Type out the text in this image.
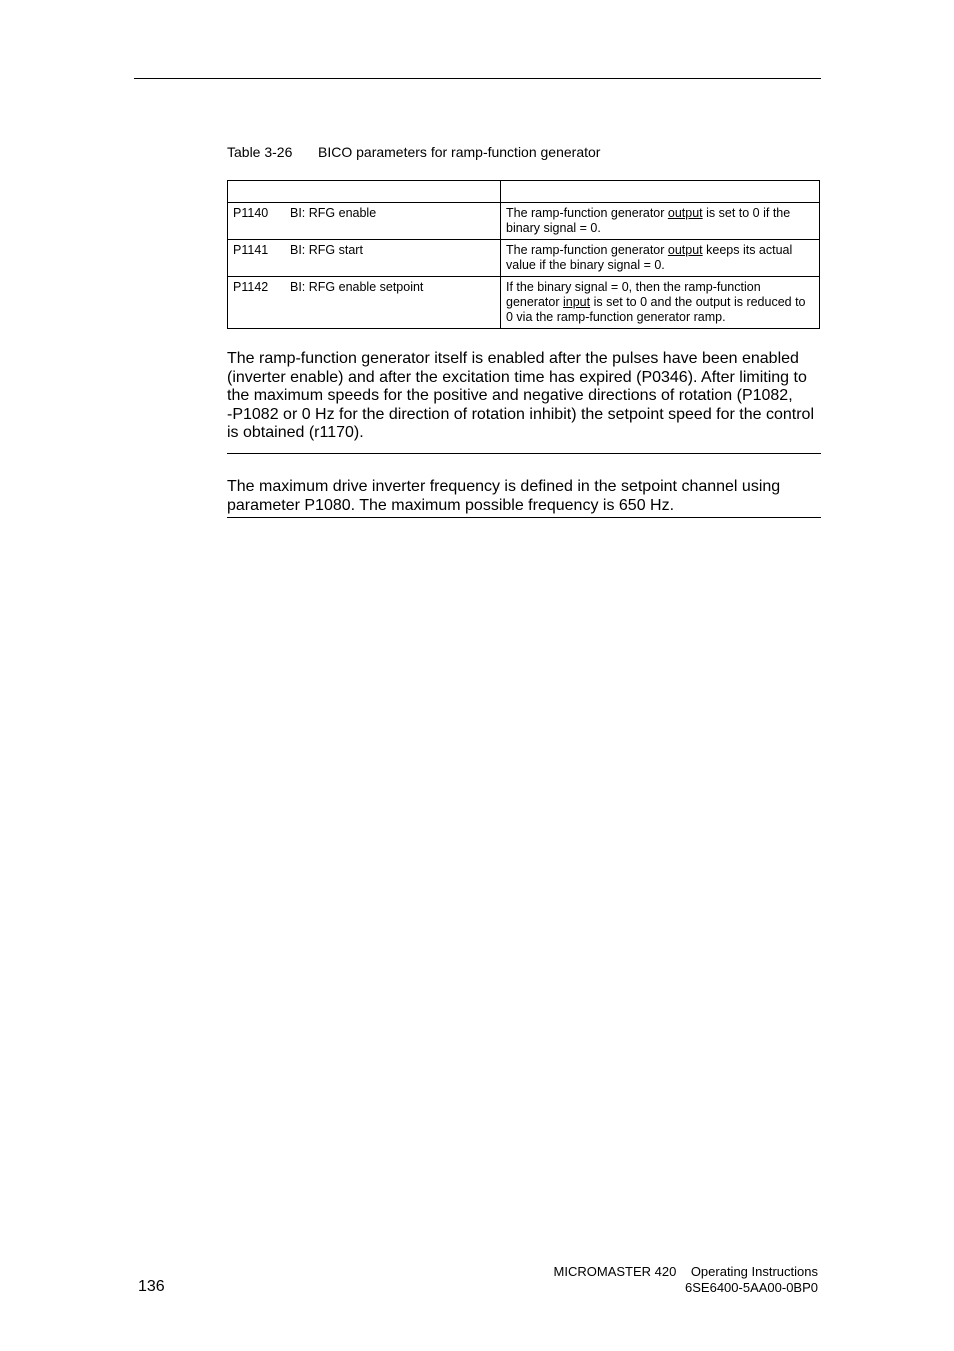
Table 3-26 BICO parameters for ramp-function generator

P1140 BI: RFG enable	The ramp-function generator output is set to 0 if the binary signal = 0.
P1141 BI: RFG start	The ramp-function generator output keeps its actual value if the binary signal = 0.
P1142 BI: RFG enable setpoint	If the binary signal = 0, then the ramp-function generator input is set to 0 and the output is reduced to 0 via the ramp-function generator ramp.
The ramp-function generator itself is enabled after the pulses have been enabled
(inverter enable) and after the excitation time has expired (P0346). After limiting to
the maximum speeds for the positive and negative directions of rotation (P1082,
-P1082 or 0 Hz for the direction of rotation inhibit) the setpoint speed for the control
is obtained (r1170).
The maximum drive inverter frequency is defined in the setpoint channel using
parameter P1080. The maximum possible frequency is 650 Hz.
136
MICROMASTER 420 Operating Instructions
6SE6400-5AA00-0BP0
